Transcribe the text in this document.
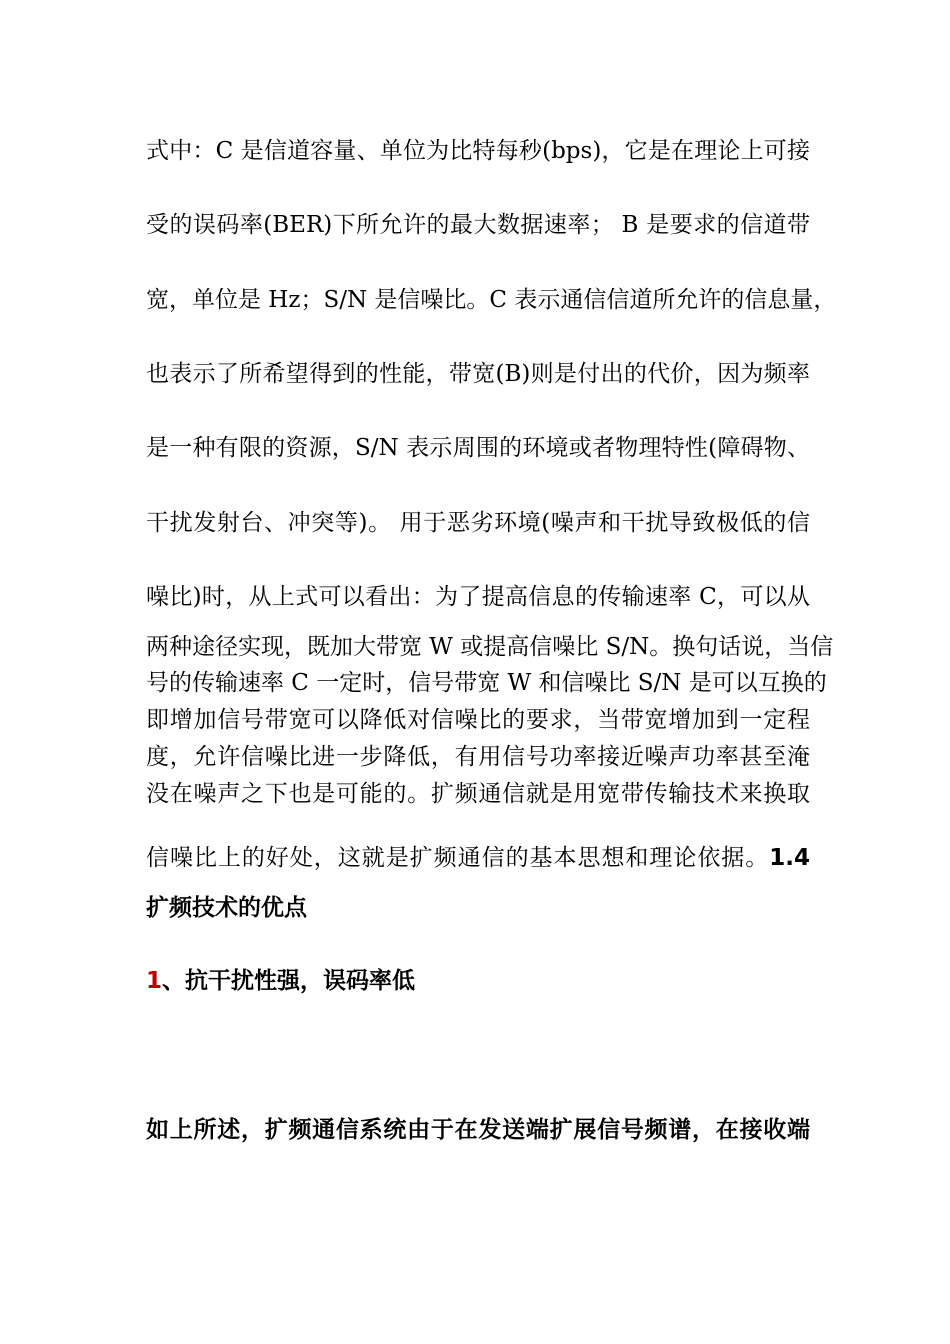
式中：C 是信道容量、单位为比特每秒(bps)，它是在理论上可接
受的误码率(BER)下所允许的最大数据速率； B 是要求的信道带
宽，单位是 Hz；S/N 是信噪比。C 表示通信信道所允许的信息量，
也表示了所希望得到的性能，带宽(B)则是付出的代价，因为频率
是一种有限的资源，S/N 表示周围的环境或者物理特性(障碍物、
干扰发射台、冲突等)。 用于恶劣环境(噪声和干扰导致极低的信
噪比)时，从上式可以看出：为了提高信息的传输速率 C，可以从
两种途径实现，既加大带宽 W 或提高信噪比 S/N。换句话说，当信
号的传输速率 C 一定时，信号带宽 W 和信噪比 S/N 是可以互换的
即增加信号带宽可以降低对信噪比的要求，当带宽增加到一定程
度，允许信噪比进一步降低，有用信号功率接近噪声功率甚至淹
没在噪声之下也是可能的。扩频通信就是用宽带传输技术来换取
信噪比上的好处，这就是扩频通信的基本思想和理论依据。1.4
扩频技术的优点
1、抗干扰性强，误码率低
如上所述，扩频通信系统由于在发送端扩展信号频谱，在接收端
